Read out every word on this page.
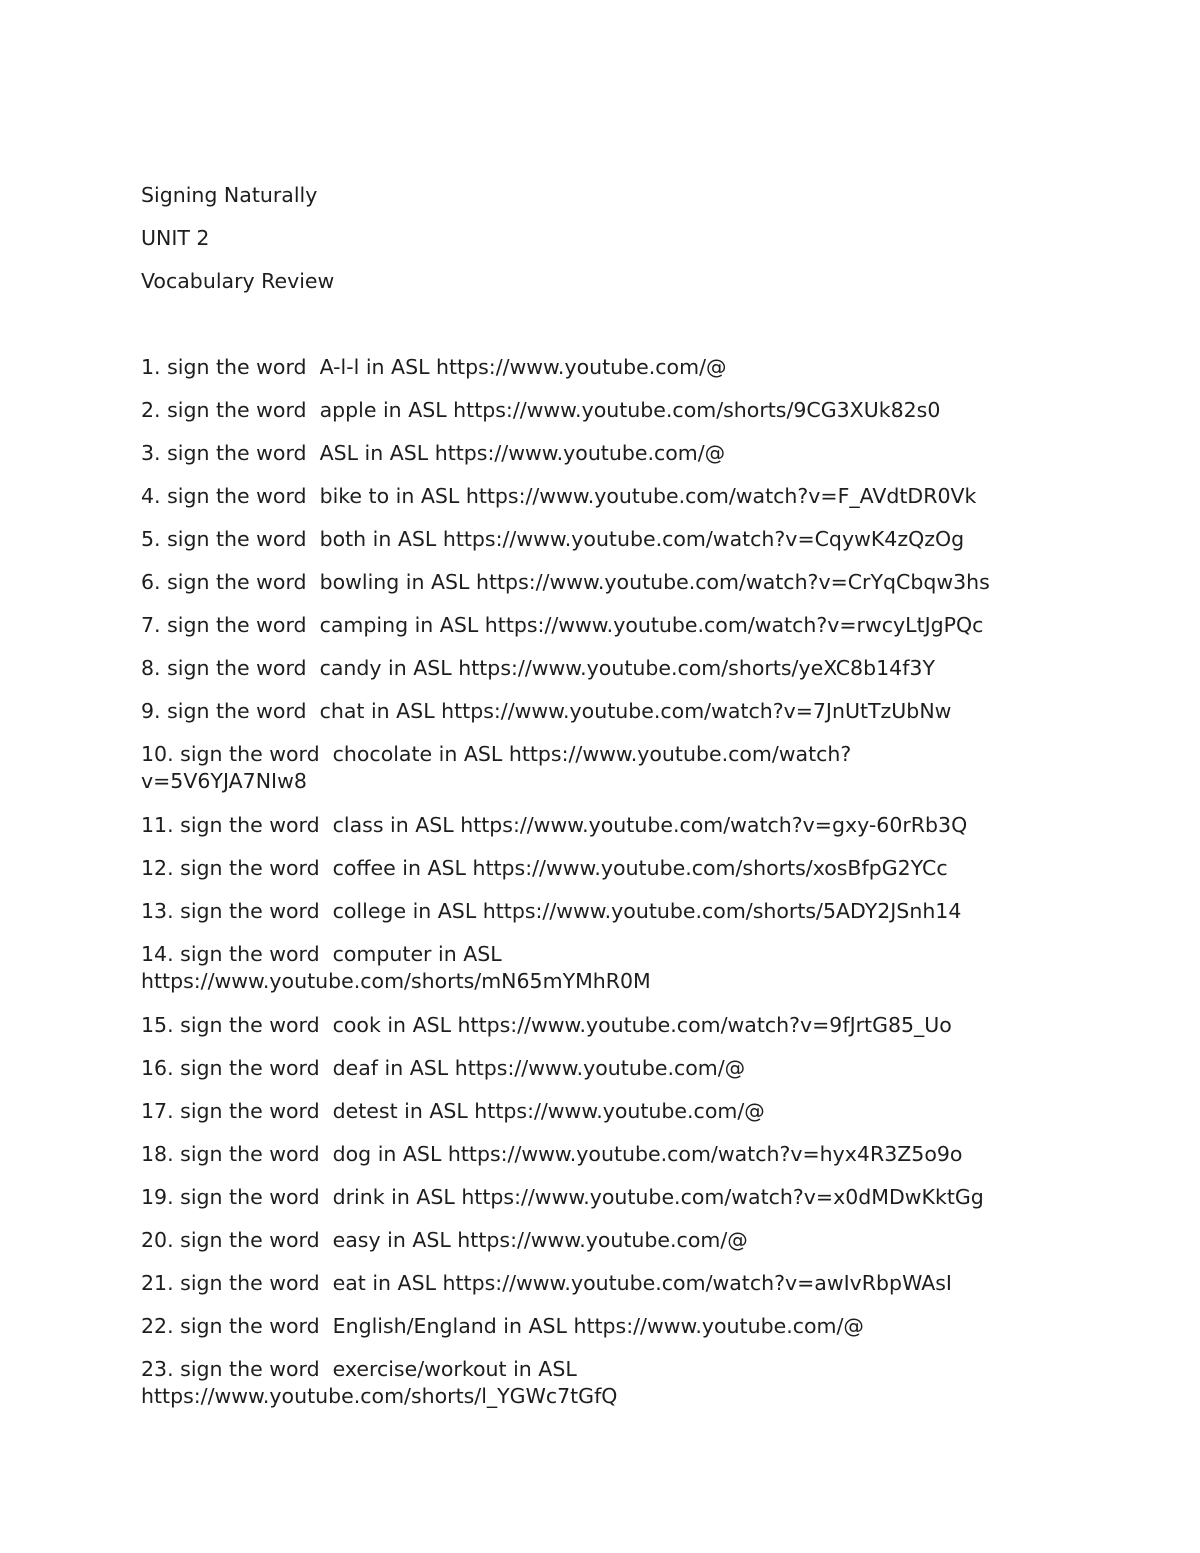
Signing Naturally
UNIT 2
Vocabulary Review
1. sign the word  A-l-l in ASL https://www.youtube.com/@
2. sign the word  apple in ASL https://www.youtube.com/shorts/9CG3XUk82s0
3. sign the word  ASL in ASL https://www.youtube.com/@
4. sign the word  bike to in ASL https://www.youtube.com/watch?v=F_AVdtDR0Vk
5. sign the word  both in ASL https://www.youtube.com/watch?v=CqywK4zQzOg
6. sign the word  bowling in ASL https://www.youtube.com/watch?v=CrYqCbqw3hs
7. sign the word  camping in ASL https://www.youtube.com/watch?v=rwcyLtJgPQc
8. sign the word  candy in ASL https://www.youtube.com/shorts/yeXC8b14f3Y
9. sign the word  chat in ASL https://www.youtube.com/watch?v=7JnUtTzUbNw
10. sign the word  chocolate in ASL https://www.youtube.com/watch?
v=5V6YJA7NIw8
11. sign the word  class in ASL https://www.youtube.com/watch?v=gxy-60rRb3Q
12. sign the word  coffee in ASL https://www.youtube.com/shorts/xosBfpG2YCc
13. sign the word  college in ASL https://www.youtube.com/shorts/5ADY2JSnh14
14. sign the word  computer in ASL
https://www.youtube.com/shorts/mN65mYMhR0M
15. sign the word  cook in ASL https://www.youtube.com/watch?v=9fJrtG85_Uo
16. sign the word  deaf in ASL https://www.youtube.com/@
17. sign the word  detest in ASL https://www.youtube.com/@
18. sign the word  dog in ASL https://www.youtube.com/watch?v=hyx4R3Z5o9o
19. sign the word  drink in ASL https://www.youtube.com/watch?v=x0dMDwKktGg
20. sign the word  easy in ASL https://www.youtube.com/@
21. sign the word  eat in ASL https://www.youtube.com/watch?v=awIvRbpWAsI
22. sign the word  English/England in ASL https://www.youtube.com/@
23. sign the word  exercise/workout in ASL
https://www.youtube.com/shorts/l_YGWc7tGfQ
